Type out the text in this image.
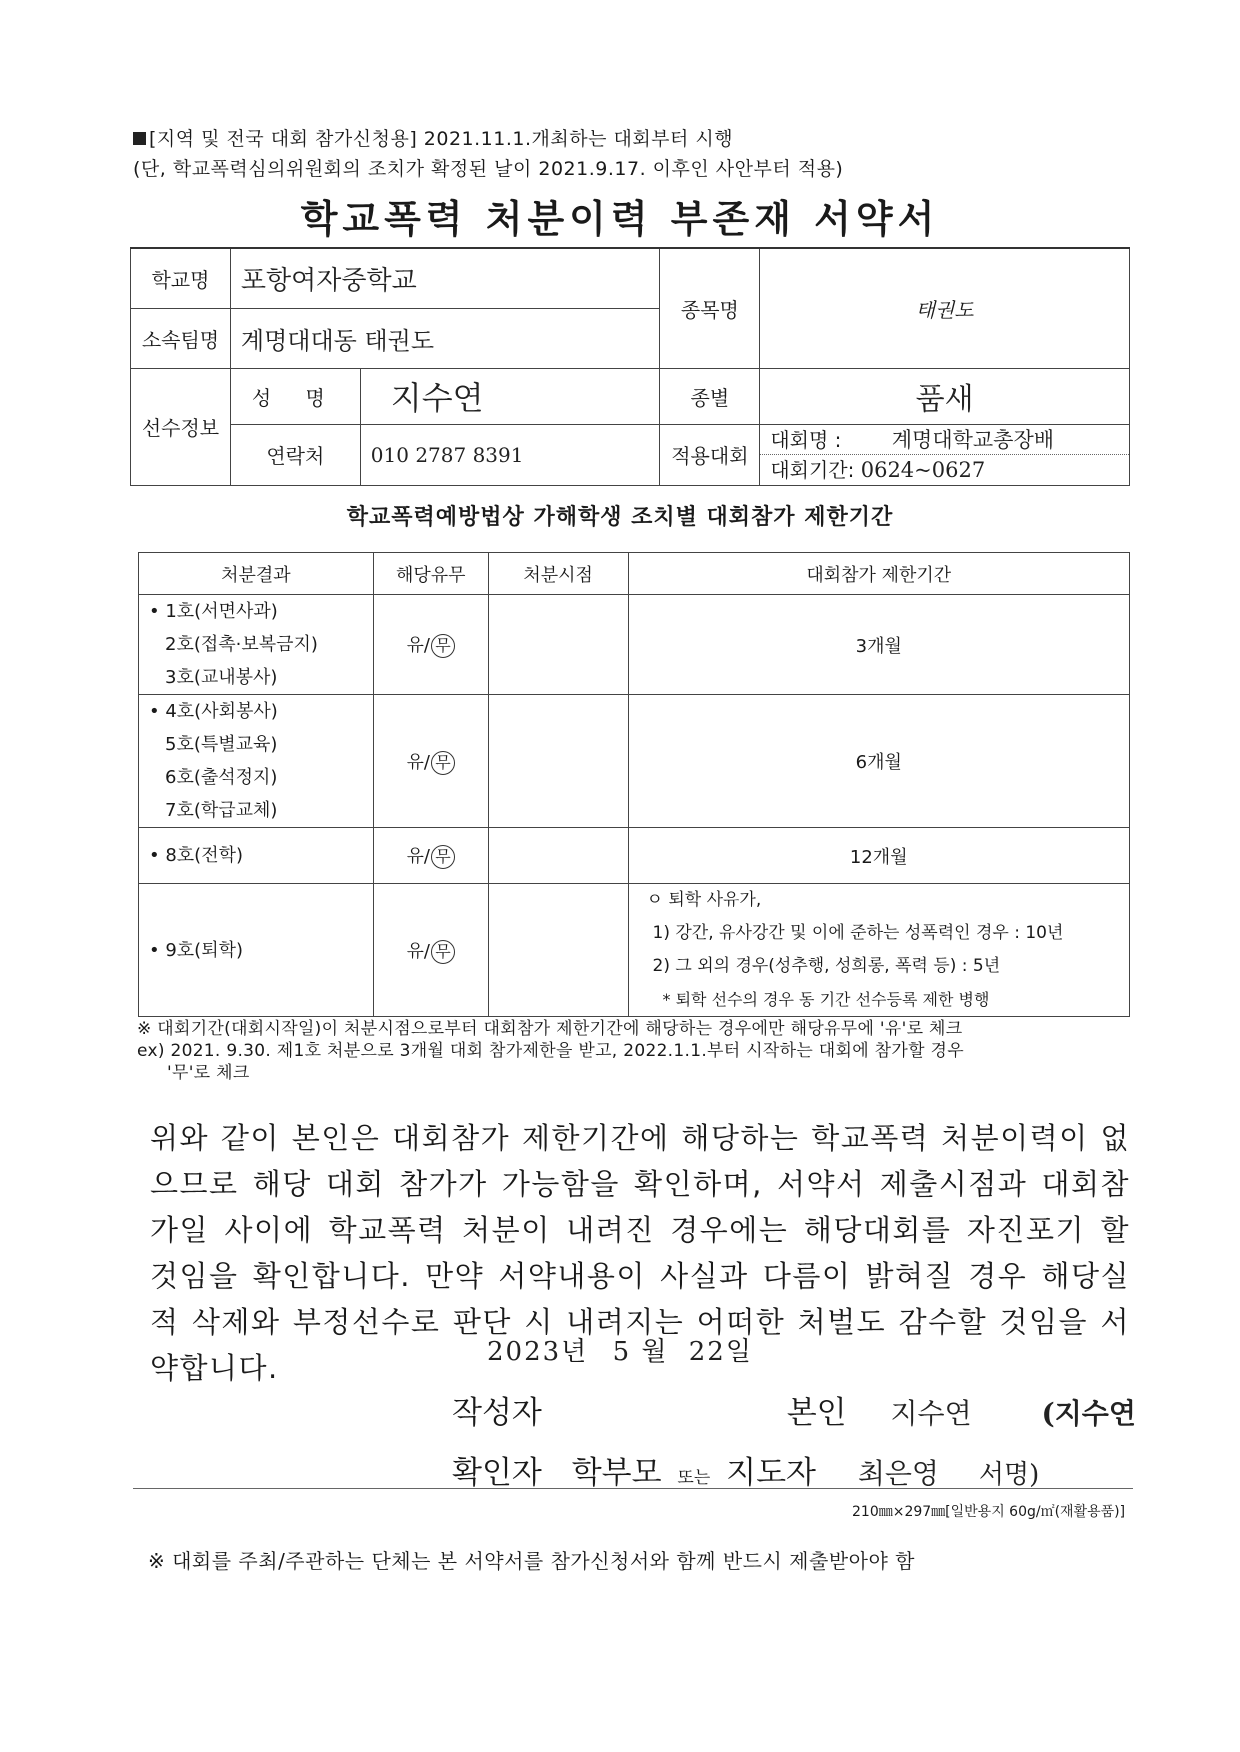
[지역 및 전국 대회 참가신청용] 2021.11.1.개최하는 대회부터 시행
(단, 학교폭력심의위원회의 조치가 확정된 날이 2021.9.17. 이후인 사안부터 적용)
학교폭력 처분이력 부존재 서약서
학교명	포항여자중학교		종목명	태권도
소속팀명	계명대대동 태권도			
선수정보	성 명	지수연	종별	품새
	연락처	010 2787 8391	적용대회	대회명 : 계명대학교총장배
대회기간: 0624~0627
학교폭력예방법상 가해학생 조치별 대회참가 제한기간
처분결과	해당유무	처분시점	대회참가 제한기간

• 1호(서면사과)
2호(접촉·보복금지)
3호(교내봉사)	유/ 무		3개월

• 4호(사회봉사)
5호(특별교육)
6호(출석정지)
7호(학급교체)	유/ 무		6개월

• 8호(전학)	유/ 무		12개월

• 9호(퇴학)	유/ 무		ㅇ 퇴학 사유가,
1) 강간, 유사강간 및 이에 준하는 성폭력인 경우 : 10년
2) 그 외의 경우(성추행, 성희롱, 폭력 등) : 5년
* 퇴학 선수의 경우 동 기간 선수등록 제한 병행
※ 대회기간(대회시작일)이 처분시점으로부터 대회참가 제한기간에 해당하는 경우에만 해당유무에 '유'로 체크
ex) 2021. 9.30. 제1호 처분으로 3개월 대회 참가제한을 받고, 2022.1.1.부터 시작하는 대회에 참가할 경우
'무'로 체크
위와 같이 본인은 대회참가 제한기간에 해당하는 학교폭력 처분이력이 없으므로 해당 대회 참가가 가능함을 확인하며, 서약서 제출시점과 대회참가일 사이에 학교폭력 처분이 내려진 경우에는 해당대회를 자진포기 할 것임을 확인합니다. 만약 서약내용이 사실과 다름이 밝혀질 경우 해당실적 삭제와 부정선수로 판단 시 내려지는 어떠한 처벌도 감수할 것임을 서약합니다.	2023년 5 월 22일
작성자	본인 지수연 (지수연
확인자 학부모 또는 지도자 최은영 서명)
210㎜×297㎜[일반용지 60g/㎡(재활용품)]
※ 대회를 주최/주관하는 단체는 본 서약서를 참가신청서와 함께 반드시 제출받아야 함
